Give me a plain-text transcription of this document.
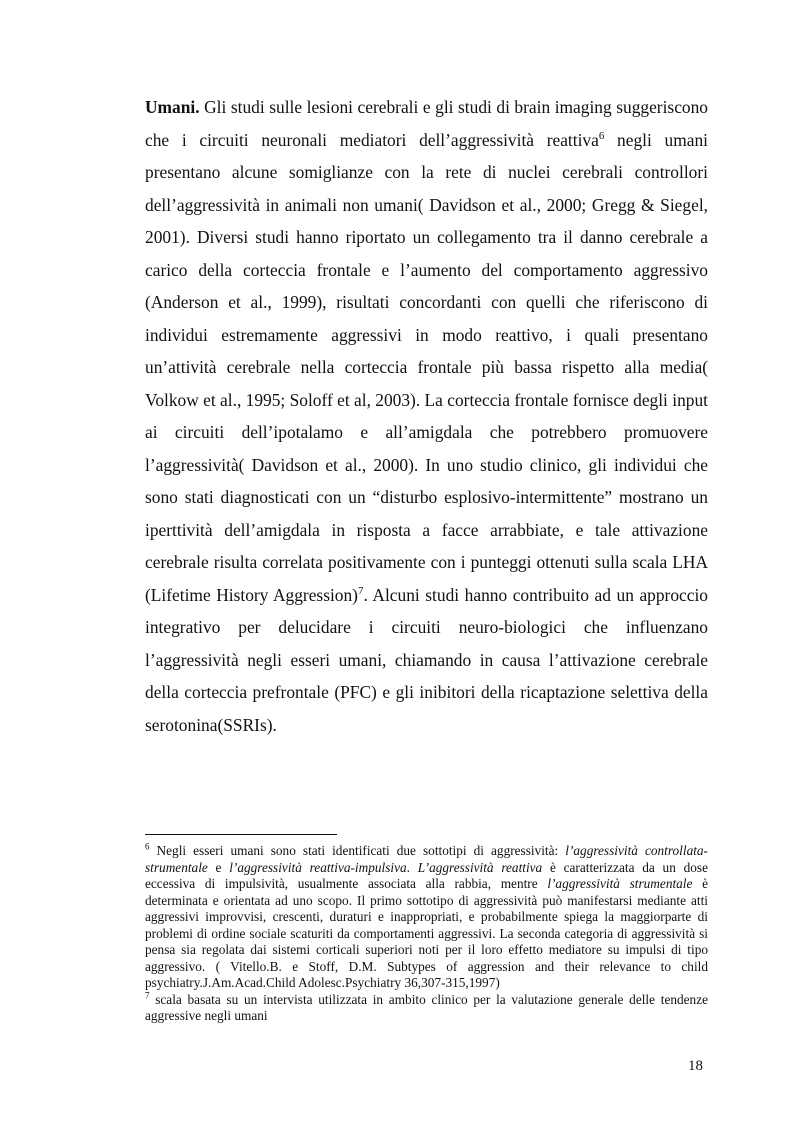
Umani. Gli studi sulle lesioni cerebrali e gli studi di brain imaging suggeriscono che i circuiti neuronali mediatori dell’aggressività reattiva$^6$ negli umani presentano alcune somiglianze con la rete di nuclei cerebrali controllori dell’aggressività in animali non umani( Davidson et al., 2000; Gregg & Siegel, 2001). Diversi studi hanno riportato un collegamento tra il danno cerebrale a carico della corteccia frontale e l’aumento del comportamento aggressivo (Anderson et al., 1999), risultati concordanti con quelli che riferiscono di individui estremamente aggressivi in modo reattivo, i quali presentano un’attività cerebrale nella corteccia frontale più bassa rispetto alla media( Volkow et al., 1995; Soloff et al, 2003). La corteccia frontale fornisce degli input ai circuiti dell’ipotalamo e all’amigdala che potrebbero promuovere l’aggressività( Davidson et al., 2000). In uno studio clinico, gli individui che sono stati diagnosticati con un “disturbo esplosivo-intermittente” mostrano un iperttività dell’amigdala in risposta a facce arrabbiate, e tale attivazione cerebrale risulta correlata positivamente con i punteggi ottenuti sulla scala LHA (Lifetime History Aggression)$^7$. Alcuni studi hanno contribuito ad un approccio integrativo per delucidare i circuiti neuro-biologici che influenzano l’aggressività negli esseri umani, chiamando in causa l’attivazione cerebrale della corteccia prefrontale (PFC) e gli inibitori della ricaptazione selettiva della serotonina(SSRIs).

$^6$ Negli esseri umani sono stati identificati due sottotipi di aggressività: l’aggressività controllata-strumentale e l’aggressività reattiva-impulsiva. L’aggressività reattiva è caratterizzata da un dose eccessiva di impulsività, usualmente associata alla rabbia, mentre l’aggressività strumentale è determinata e orientata ad uno scopo. Il primo sottotipo di aggressività può manifestarsi mediante atti aggressivi improvvisi, crescenti, duraturi e inappropriati, e probabilmente spiega la maggiorparte di problemi di ordine sociale scaturiti da comportamenti aggressivi. La seconda categoria di aggressività si pensa sia regolata dai sistemi corticali superiori noti per il loro effetto mediatore su impulsi di tipo aggressivo. ( Vitello.B. e Stoff, D.M. Subtypes of aggression and their relevance to child psychiatry.J.Am.Acad.Child Adolesc.Psychiatry 36,307-315,1997)

$^7$ scala basata su un intervista utilizzata in ambito clinico per la valutazione generale delle tendenze aggressive negli umani

18
